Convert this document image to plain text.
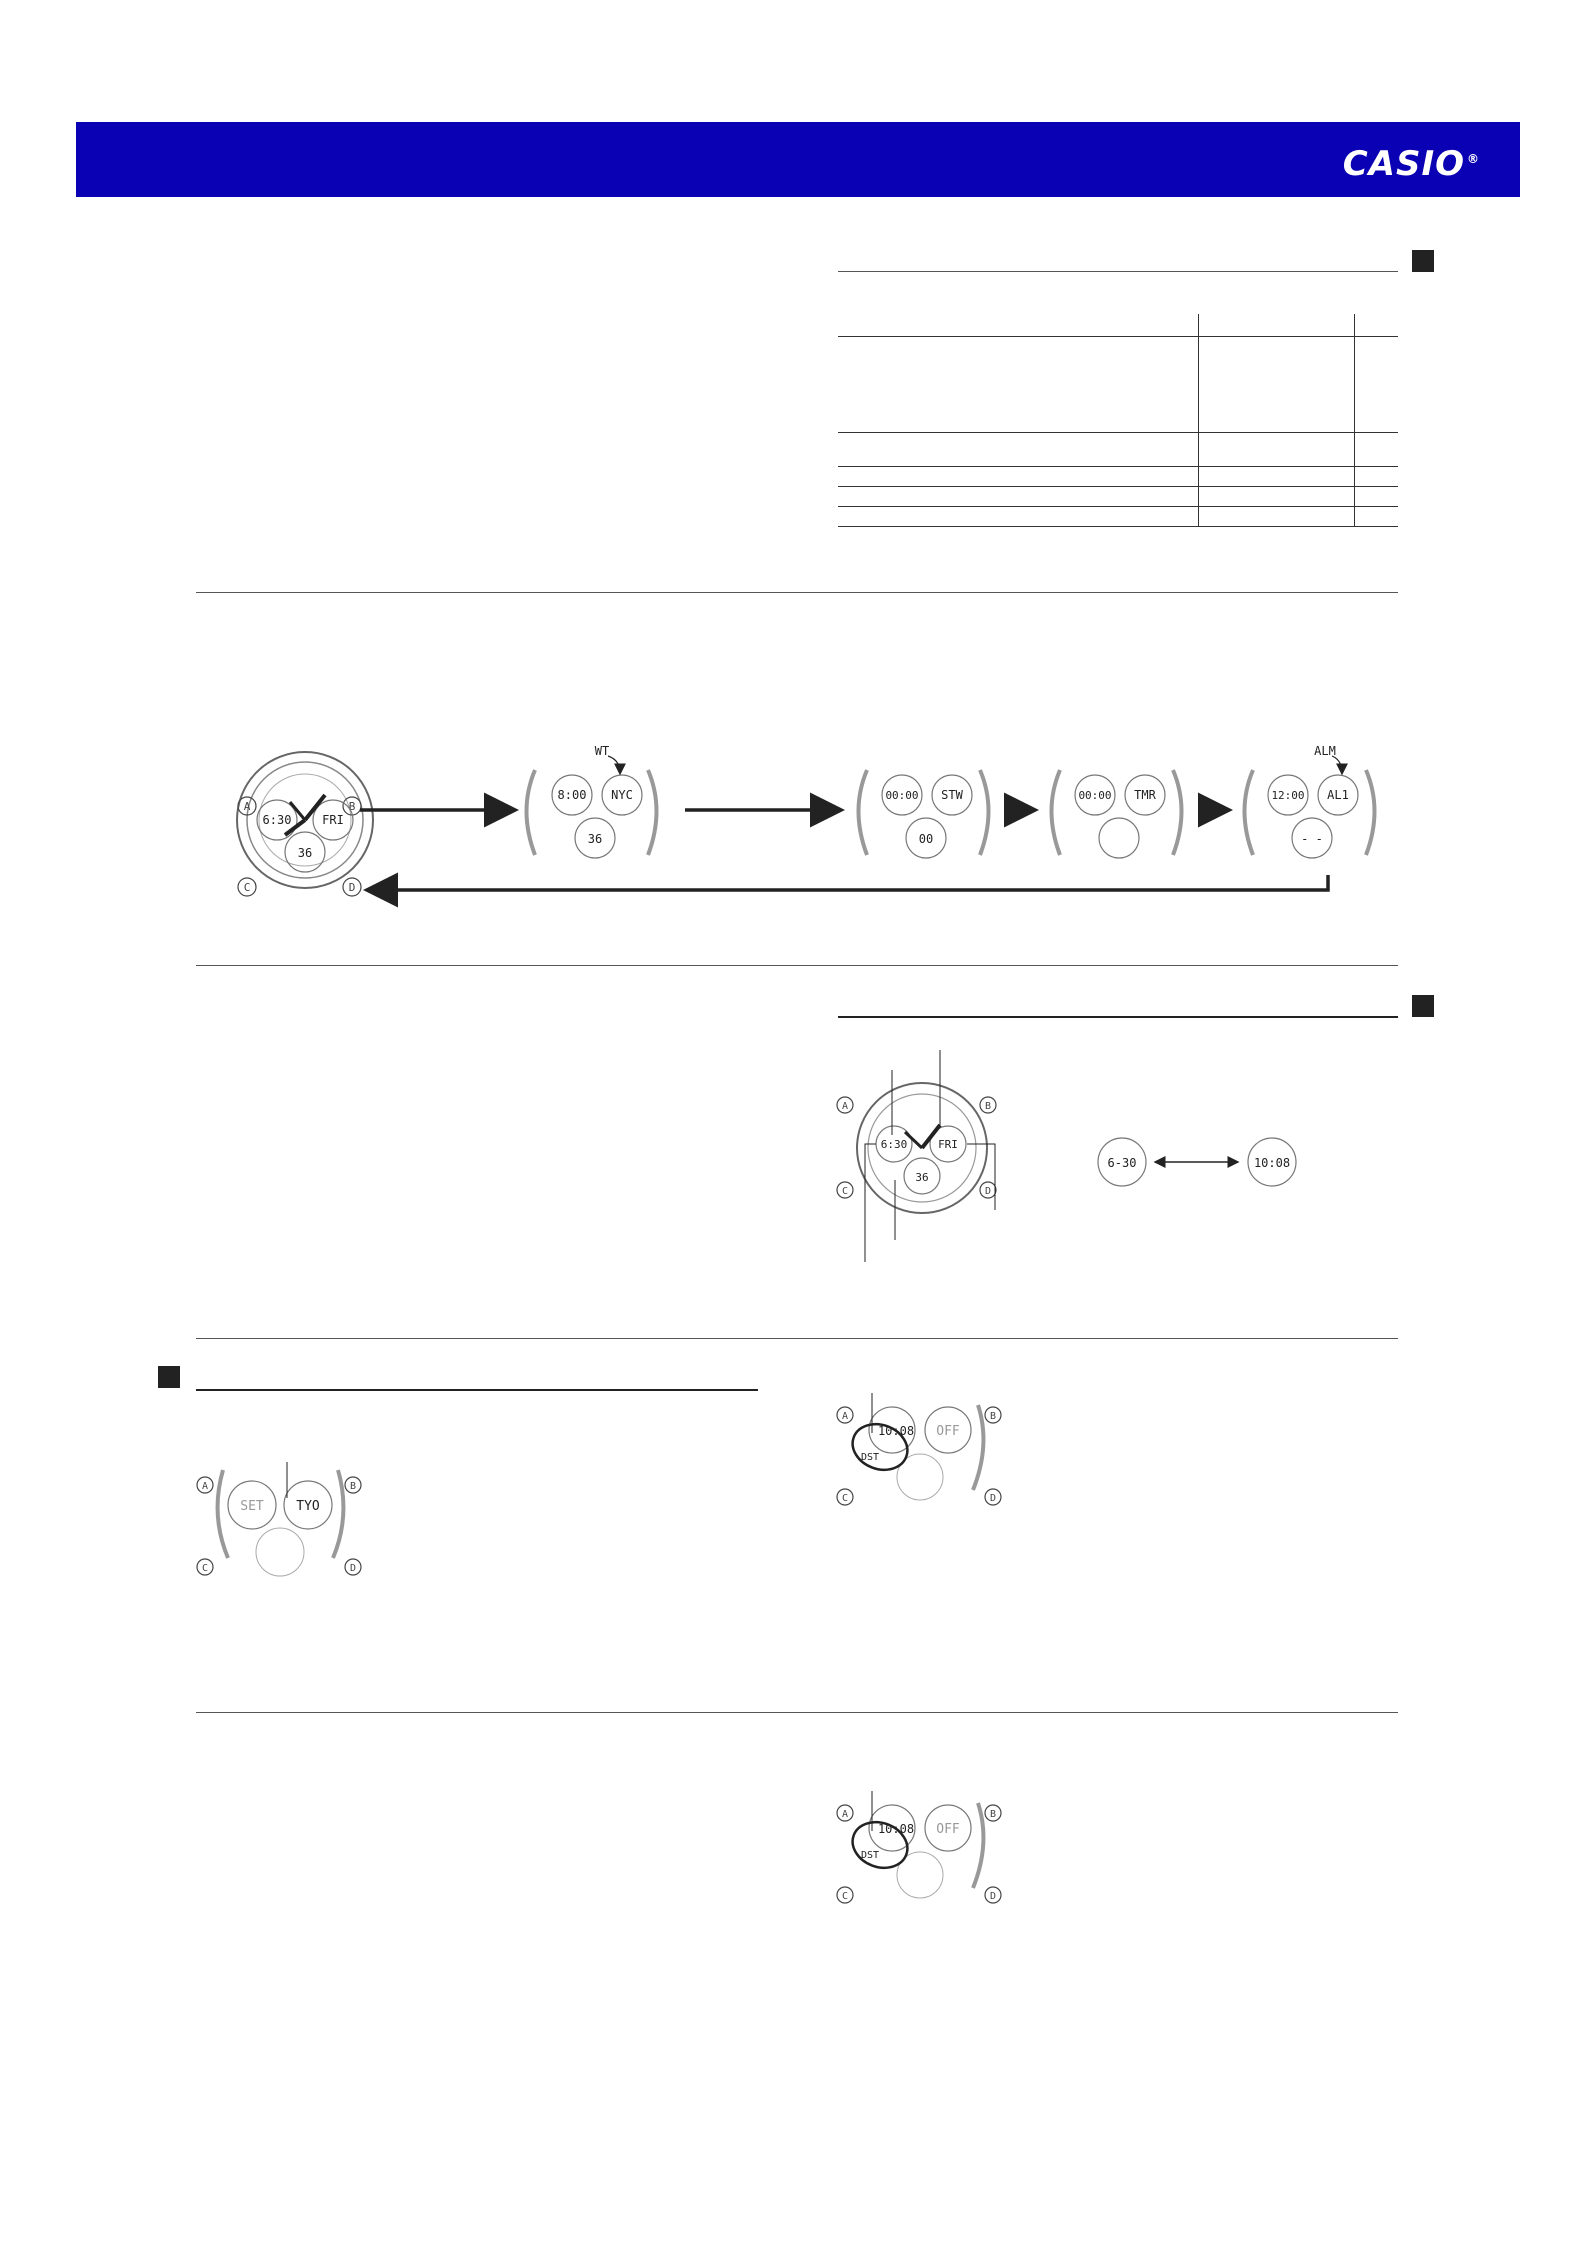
CASIO ®

A	B
C	D
6:30	FRI
36
8:00 NYC
36
WT
00:00 STW
00
00:00 TMR	12:00 AL1
- -
ALM
A	B
C	D
6:30	FRI
36
6-30	10:08
A	B
C	D
SET	TYO
A	B
C	D
10:08 OFF
DST
A	B
C	D
10:08 OFF
DST
